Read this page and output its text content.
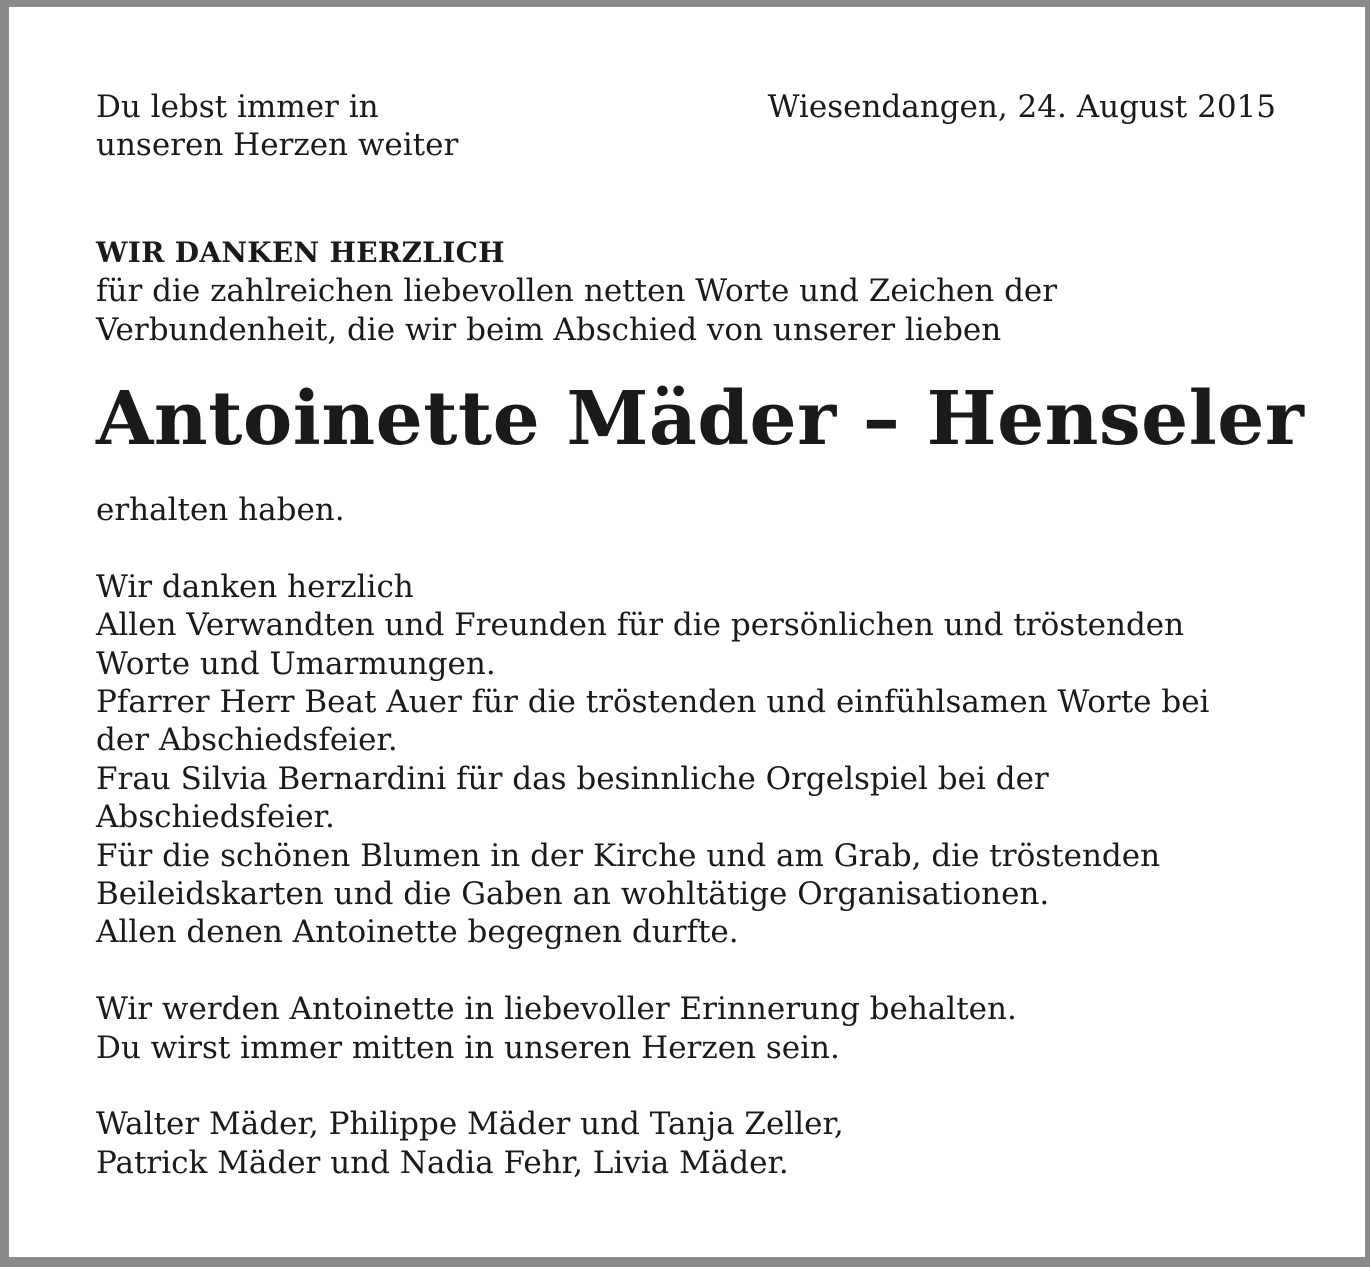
Du lebst immer in
unseren Herzen weiter
Wiesendangen, 24. August 2015
WIR DANKEN HERZLICH
für die zahlreichen liebevollen netten Worte und Zeichen der
Verbundenheit, die wir beim Abschied von unserer lieben
Antoinette Mäder – Henseler
erhalten haben.
Wir danken herzlich
Allen Verwandten und Freunden für die persönlichen und tröstenden
Worte und Umarmungen.
Pfarrer Herr Beat Auer für die tröstenden und einfühlsamen Worte bei
der Abschiedsfeier.
Frau Silvia Bernardini für das besinnliche Orgelspiel bei der
Abschiedsfeier.
Für die schönen Blumen in der Kirche und am Grab, die tröstenden
Beileidskarten und die Gaben an wohltätige Organisationen.
Allen denen Antoinette begegnen durfte.
Wir werden Antoinette in liebevoller Erinnerung behalten.
Du wirst immer mitten in unseren Herzen sein.
Walter Mäder, Philippe Mäder und Tanja Zeller,
Patrick Mäder und Nadia Fehr, Livia Mäder.
